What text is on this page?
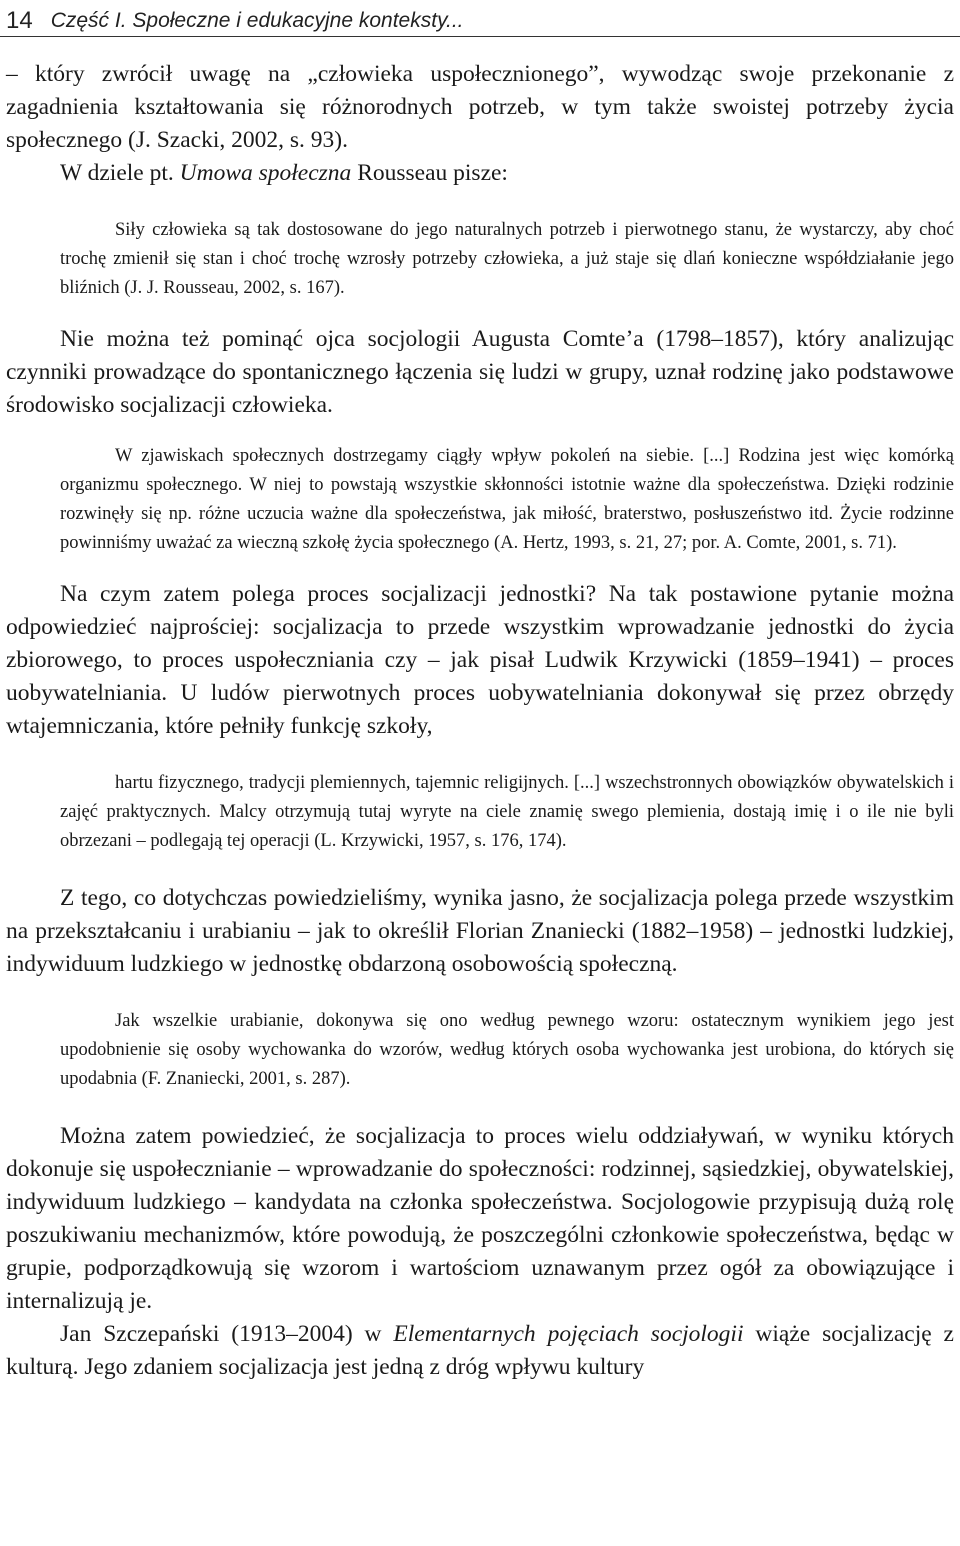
14 Część I. Społeczne i edukacyjne konteksty...

– który zwrócił uwagę na „człowieka uspołecznionego”, wywodząc swoje przekonanie z zagadnienia kształtowania się różnorodnych potrzeb, w tym także swoistej potrzeby życia społecznego (J. Szacki, 2002, s. 93).

W dziele pt. Umowa społeczna Rousseau pisze:

Siły człowieka są tak dostosowane do jego naturalnych potrzeb i pierwotnego stanu, że wystarczy, aby choć trochę zmienił się stan i choć trochę wzrosły potrzeby człowieka, a już staje się dlań konieczne współdziałanie jego bliźnich (J. J. Rousseau, 2002, s. 167).

Nie można też pominąć ojca socjologii Augusta Comte’a (1798–1857), który analizując czynniki prowadzące do spontanicznego łączenia się ludzi w grupy, uznał rodzinę jako podstawowe środowisko socjalizacji człowieka.

W zjawiskach społecznych dostrzegamy ciągły wpływ pokoleń na siebie. [...] Rodzina jest więc komórką organizmu społecznego. W niej to powstają wszystkie skłonności istotnie ważne dla społeczeństwa. Dzięki rodzinie rozwinęły się np. różne uczucia ważne dla społeczeństwa, jak miłość, braterstwo, posłuszeństwo itd. Życie rodzinne powinniśmy uważać za wieczną szkołę życia społecznego (A. Hertz, 1993, s. 21, 27; por. A. Comte, 2001, s. 71).

Na czym zatem polega proces socjalizacji jednostki? Na tak postawione pytanie można odpowiedzieć najprościej: socjalizacja to przede wszystkim wprowadzanie jednostki do życia zbiorowego, to proces uspołeczniania czy – jak pisał Ludwik Krzywicki (1859–1941) – proces uobywatelniania. U ludów pierwotnych proces uobywatelniania dokonywał się przez obrzędy wtajemniczania, które pełniły funkcję szkoły,

hartu fizycznego, tradycji plemiennych, tajemnic religijnych. [...] wszechstronnych obowiązków obywatelskich i zajęć praktycznych. Malcy otrzymują tutaj wyryte na ciele znamię swego plemienia, dostają imię i o ile nie byli obrzezani – podlegają tej operacji (L. Krzywicki, 1957, s. 176, 174).

Z tego, co dotychczas powiedzieliśmy, wynika jasno, że socjalizacja polega przede wszystkim na przekształcaniu i urabianiu – jak to określił Florian Znaniecki (1882–1958) – jednostki ludzkiej, indywiduum ludzkiego w jednostkę obdarzoną osobowością społeczną.

Jak wszelkie urabianie, dokonywa się ono według pewnego wzoru: ostatecznym wynikiem jego jest upodobnienie się osoby wychowanka do wzorów, według których osoba wychowanka jest urobiona, do których się upodabnia (F. Znaniecki, 2001, s. 287).

Można zatem powiedzieć, że socjalizacja to proces wielu oddziaływań, w wyniku których dokonuje się uspołecznianie – wprowadzanie do społeczności: rodzinnej, sąsiedzkiej, obywatelskiej, indywiduum ludzkiego – kandydata na członka społeczeństwa. Socjologowie przypisują dużą rolę poszukiwaniu mechanizmów, które powodują, że poszczególni członkowie społeczeństwa, będąc w grupie, podporządkowują się wzorom i wartościom uznawanym przez ogół za obowiązujące i internalizują je.

Jan Szczepański (1913–2004) w Elementarnych pojęciach socjologii wiąże socjalizację z kulturą. Jego zdaniem socjalizacja jest jedną z dróg wpływu kultury
